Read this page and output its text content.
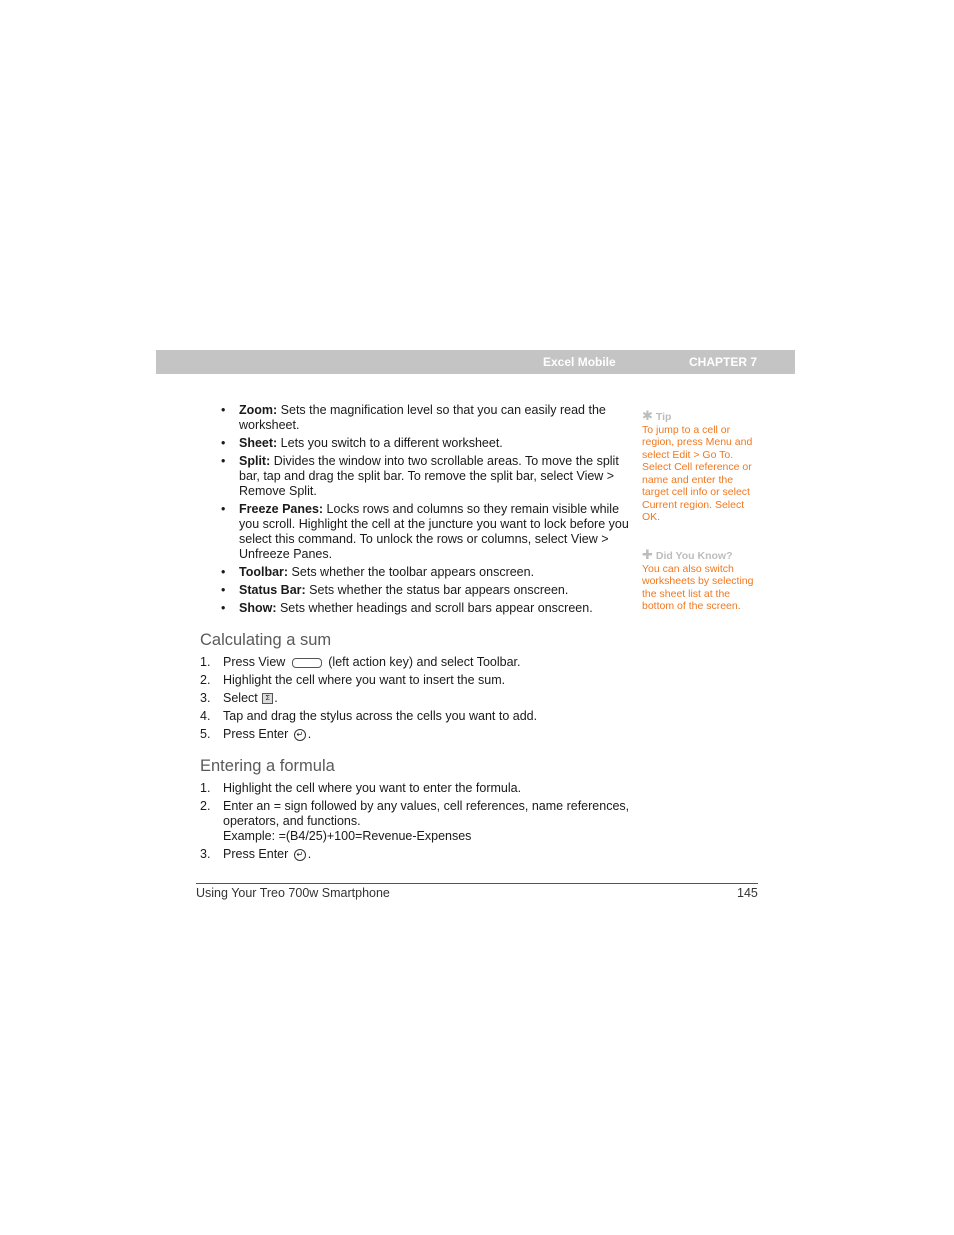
Excel Mobile	CHAPTER 7
• Zoom: Sets the magnification level so that you can easily read the worksheet.
• Sheet: Lets you switch to a different worksheet.
• Split: Divides the window into two scrollable areas. To move the split bar, tap and drag the split bar. To remove the split bar, select View > Remove Split.
• Freeze Panes: Locks rows and columns so they remain visible while you scroll. Highlight the cell at the juncture you want to lock before you select this command. To unlock the rows or columns, select View > Unfreeze Panes.
• Toolbar: Sets whether the toolbar appears onscreen.
• Status Bar: Sets whether the status bar appears onscreen.
• Show: Sets whether headings and scroll bars appear onscreen.
Calculating a sum
1. Press View	(left action key) and select Toolbar.
2. Highlight the cell where you want to insert the sum.
3. Select Σ .
4. Tap and drag the stylus across the cells you want to add.
5. Press Enter ↵ .
Entering a formula
1. Highlight the cell where you want to enter the formula.
2. Enter an = sign followed by any values, cell references, name references, operators, and functions.
Example: =(B4/25)+100=Revenue-Expenses
3. Press Enter ↵ .
✱ Tip
To jump to a cell or region, press Menu and select Edit > Go To. Select Cell reference or name and enter the target cell info or select Current region. Select OK.
✚ Did You Know?
You can also switch worksheets by selecting the sheet list at the bottom of the screen.
Using Your Treo 700w Smartphone	145
